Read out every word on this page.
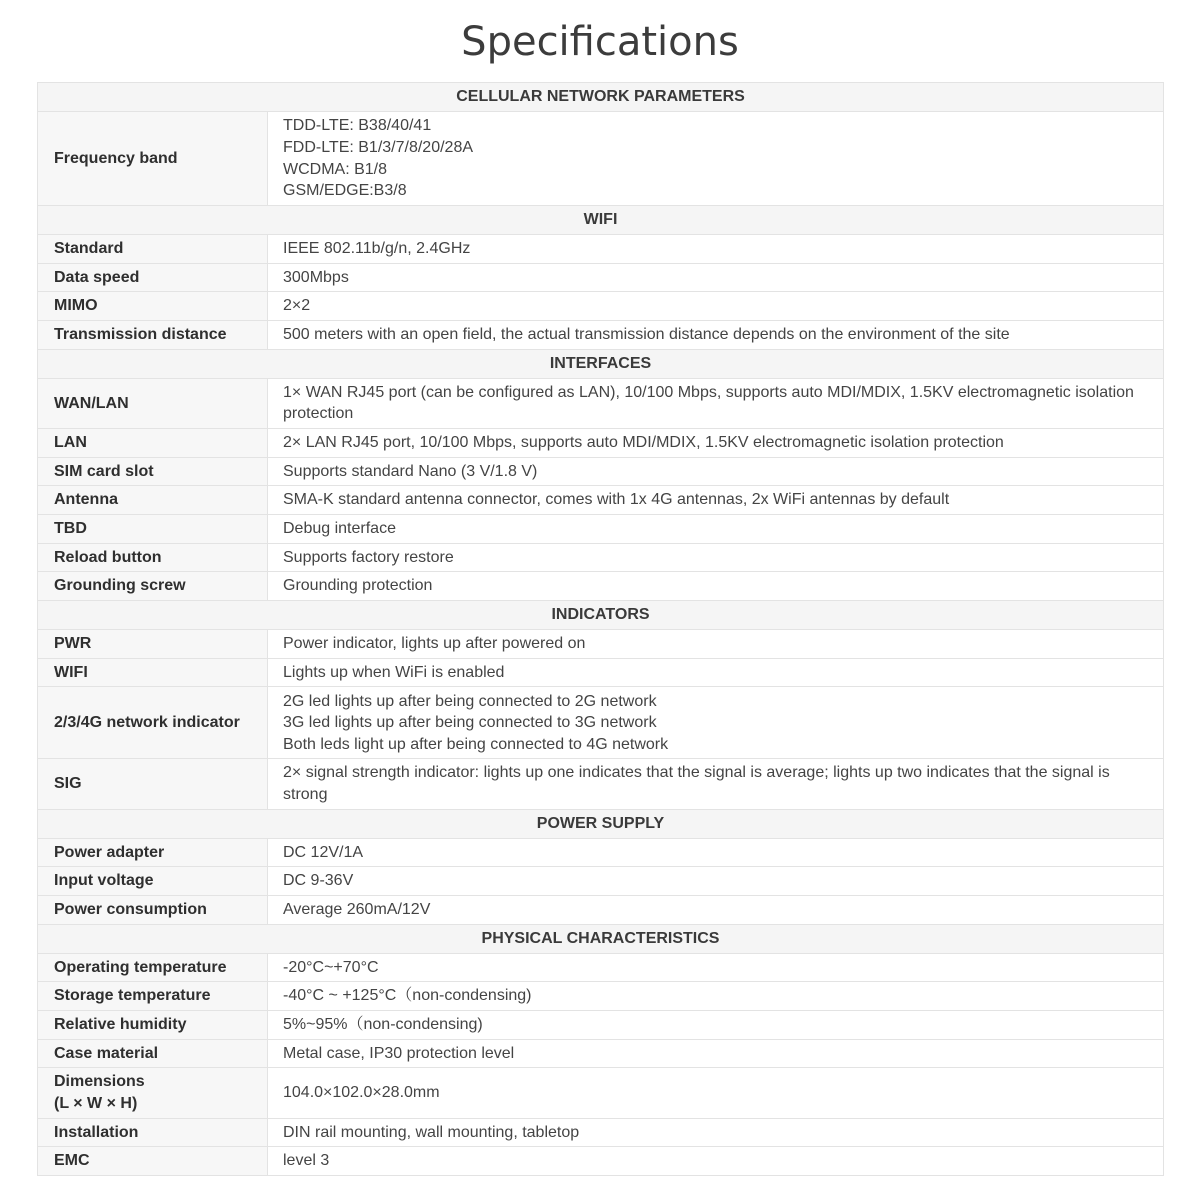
Specifications
CELLULAR NETWORK PARAMETERS	
Frequency band	TDD-LTE: B38/40/41
FDD-LTE: B1/3/7/8/20/28A
WCDMA: B1/8
GSM/EDGE:B3/8

WIFI	
Standard	IEEE 802.11b/g/n, 2.4GHz
Data speed	300Mbps
MIMO	2×2
Transmission distance	500 meters with an open field, the actual transmission distance depends on the environment of the site
INTERFACES	
WAN/LAN	1× WAN RJ45 port (can be configured as LAN), 10/100 Mbps, supports auto MDI/MDIX, 1.5KV electromagnetic isolation protection
LAN	2× LAN RJ45 port, 10/100 Mbps, supports auto MDI/MDIX, 1.5KV electromagnetic isolation protection
SIM card slot	Supports standard Nano (3 V/1.8 V)
Antenna	SMA-K standard antenna connector, comes with 1x 4G antennas, 2x WiFi antennas by default
TBD	Debug interface
Reload button	Supports factory restore
Grounding screw	Grounding protection
INDICATORS	
PWR	Power indicator, lights up after powered on
WIFI	Lights up when WiFi is enabled
2/3/4G network indicator	2G led lights up after being connected to 2G network
3G led lights up after being connected to 3G network
Both leds light up after being connected to 4G network

SIG	2× signal strength indicator: lights up one indicates that the signal is average; lights up two indicates that the signal is strong
POWER SUPPLY	
Power adapter	DC 12V/1A
Input voltage	DC 9-36V
Power consumption	Average 260mA/12V
PHYSICAL CHARACTERISTICS	
Operating temperature	-20°C~+70°C
Storage temperature	-40°C ~ +125°C（non-condensing)
Relative humidity	5%~95%（non-condensing)
Case material	Metal case, IP30 protection level

Dimensions
(L × W × H)	104.0×102.0×28.0mm
Installation	DIN rail mounting, wall mounting, tabletop
EMC	level 3
